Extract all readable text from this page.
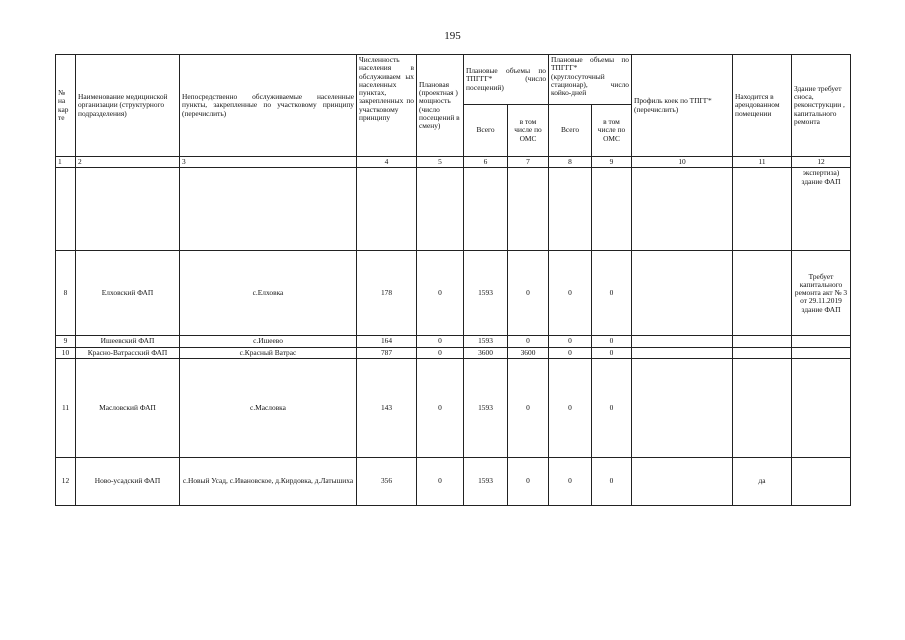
195
№ на кар те	Наименование медицинской организации (структурного подразделения)	Непосредственно обслуживаемые населенные пункты, закрепленные по участковому принципу (перечислить)	Численность населения в обслуживаем ых населенных пунктах, закрепленных по участковому принципу	Плановая (проектная ) мощность (число посещений в смену)	Плановые объемы по ТПГГГ* (число посещений)		Плановые объемы по ТПГГГ* (круглосуточный стационар), число койко-дней		Профиль коек по ТПГГ* (перечислить)	Находится в арендованном помещении	Здание требует сноса, реконструкции , капитального ремонта
					Всего	в том числе по ОМС	Всего	в том числе по ОМС			
1	2	3	4	5	6	7	8	9	10	11	12
											экспертиза) здание ФАП
8	Елховский ФАП	с.Елховка	178	0	1593	0	0	0			Требует капитального ремонта акт № 3 от 29.11.2019 здание ФАП
9	Ишеевский ФАП	с.Ишеево	164	0	1593	0	0	0			
10	Красно-Ватрасский ФАП	с.Красный Ватрас	787	0	3600	3600	0	0			
11	Масловский ФАП	с.Масловка	143	0	1593	0	0	0			
12	Ново-усадский ФАП	с.Новый Усад, с.Ивановское, д.Кирдовка, д.Латышиха	356	0	1593	0	0	0		да	
